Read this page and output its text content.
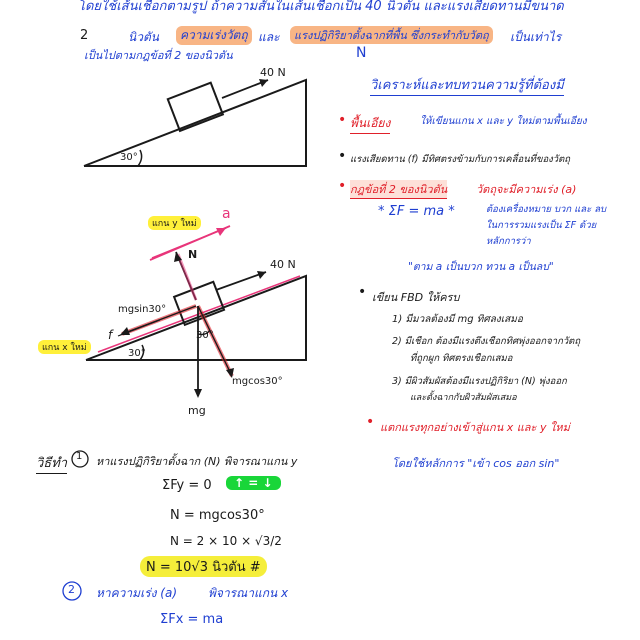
โดยใช้เส้นเชือกตามรูป ถ้าความสั่นในเส้นเชือกเป็น 40 นิวตัน และแรงเสียดทานมีขนาด
2	นิวตัน	ความเร่งวัตถุ และ	แรงปฏิกิริยาตั้งฉากที่พื้น ซึ่งกระทำกับวัตถุ	เป็นเท่าไร
เป็นไปตามกฎข้อที่ 2 ของนิวตัน	N
40 N
30°
แกน y ใหม่
a
N
40 N
mgsin30°
f
แกน x ใหม่	30°
30°
mgcos30°
mg
วิเคราะห์และทบทวนความรู้ที่ต้องมี
• พื้นเอียง	ให้เขียนแกน x และ y ใหม่ตามพื้นเอียง
• แรงเสียดทาน (f) มีทิศตรงข้ามกับการเคลื่อนที่ของวัตถุ
• กฎข้อที่ 2 ของนิวตัน	วัตถุจะมีความเร่ง (a)
* ΣF = ma *	ต้องเครื่องหมาย บวก และ ลบ
ในการรวมแรงเป็น ΣF ด้วย
หลักการว่า
"ตาม a เป็นบวก ทวน a เป็นลบ"
• เขียน FBD ให้ครบ
1) มีมวลต้องมี mg ทิศลงเสมอ
2) มีเชือก ต้องมีแรงตึงเชือกทิศพุ่งออกจากวัตถุ
ที่ถูกผูก ทิศตรงเชือกเสมอ
3) มีผิวสัมผัสต้องมีแรงปฏิกิริยา (N) พุ่งออก
และตั้งฉากกับผิวสัมผัสเสมอ
• แตกแรงทุกอย่างเข้าสู่แกน x และ y ใหม่
โดยใช้หลักการ "เข้า cos ออก sin"
วิธีทำ 1 หาแรงปฏิกิริยาตั้งฉาก (N) พิจารณาแกน y
ΣFy = 0	↑ = ↓
N = mgcos30°
N = 2 × 10 × √3/2
N = 10√3 นิวตัน #
2 หาความเร่ง (a)	พิจารณาแกน x
ΣFx = ma
